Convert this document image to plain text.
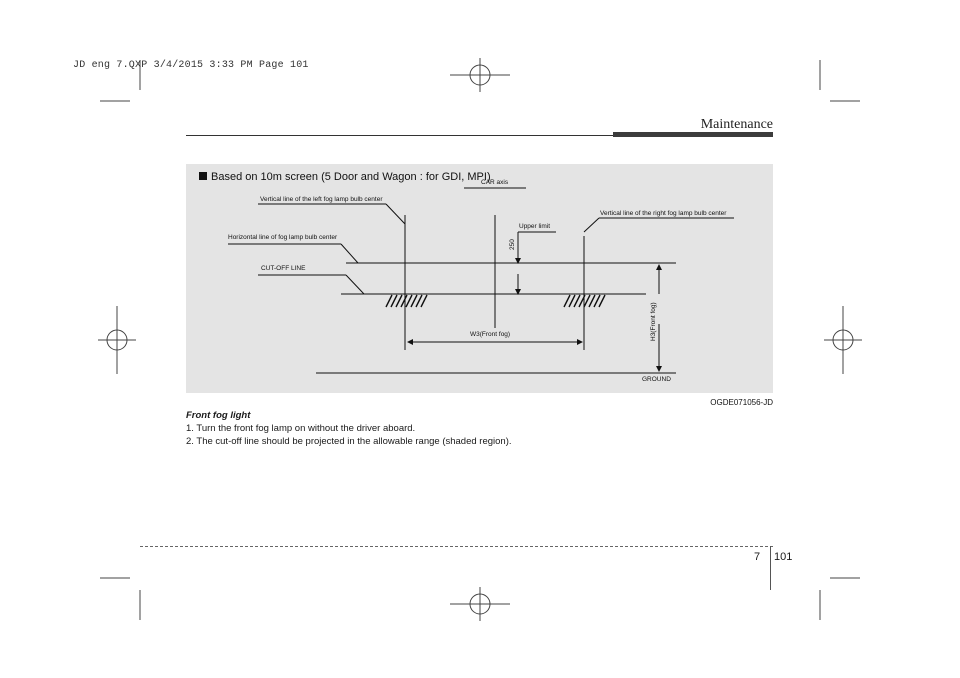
JD eng 7.QXP 3/4/2015 3:33 PM Page 101
Maintenance
Based on 10m screen (5 Door and Wagon : for GDI, MPI)
CAR axis
Vertical line of the left fog lamp bulb center
Vertical line of the right fog lamp bulb center
Horizontal line of fog lamp bulb center
CUT-OFF LINE
Upper limit
250
W3(Front fog)	H3(Front fog)
GROUND
OGDE071056-JD
Front fog light
1. Turn the front fog lamp on without the driver aboard.
2. The cut-off line should be projected in the allowable range (shaded region).
7 101
